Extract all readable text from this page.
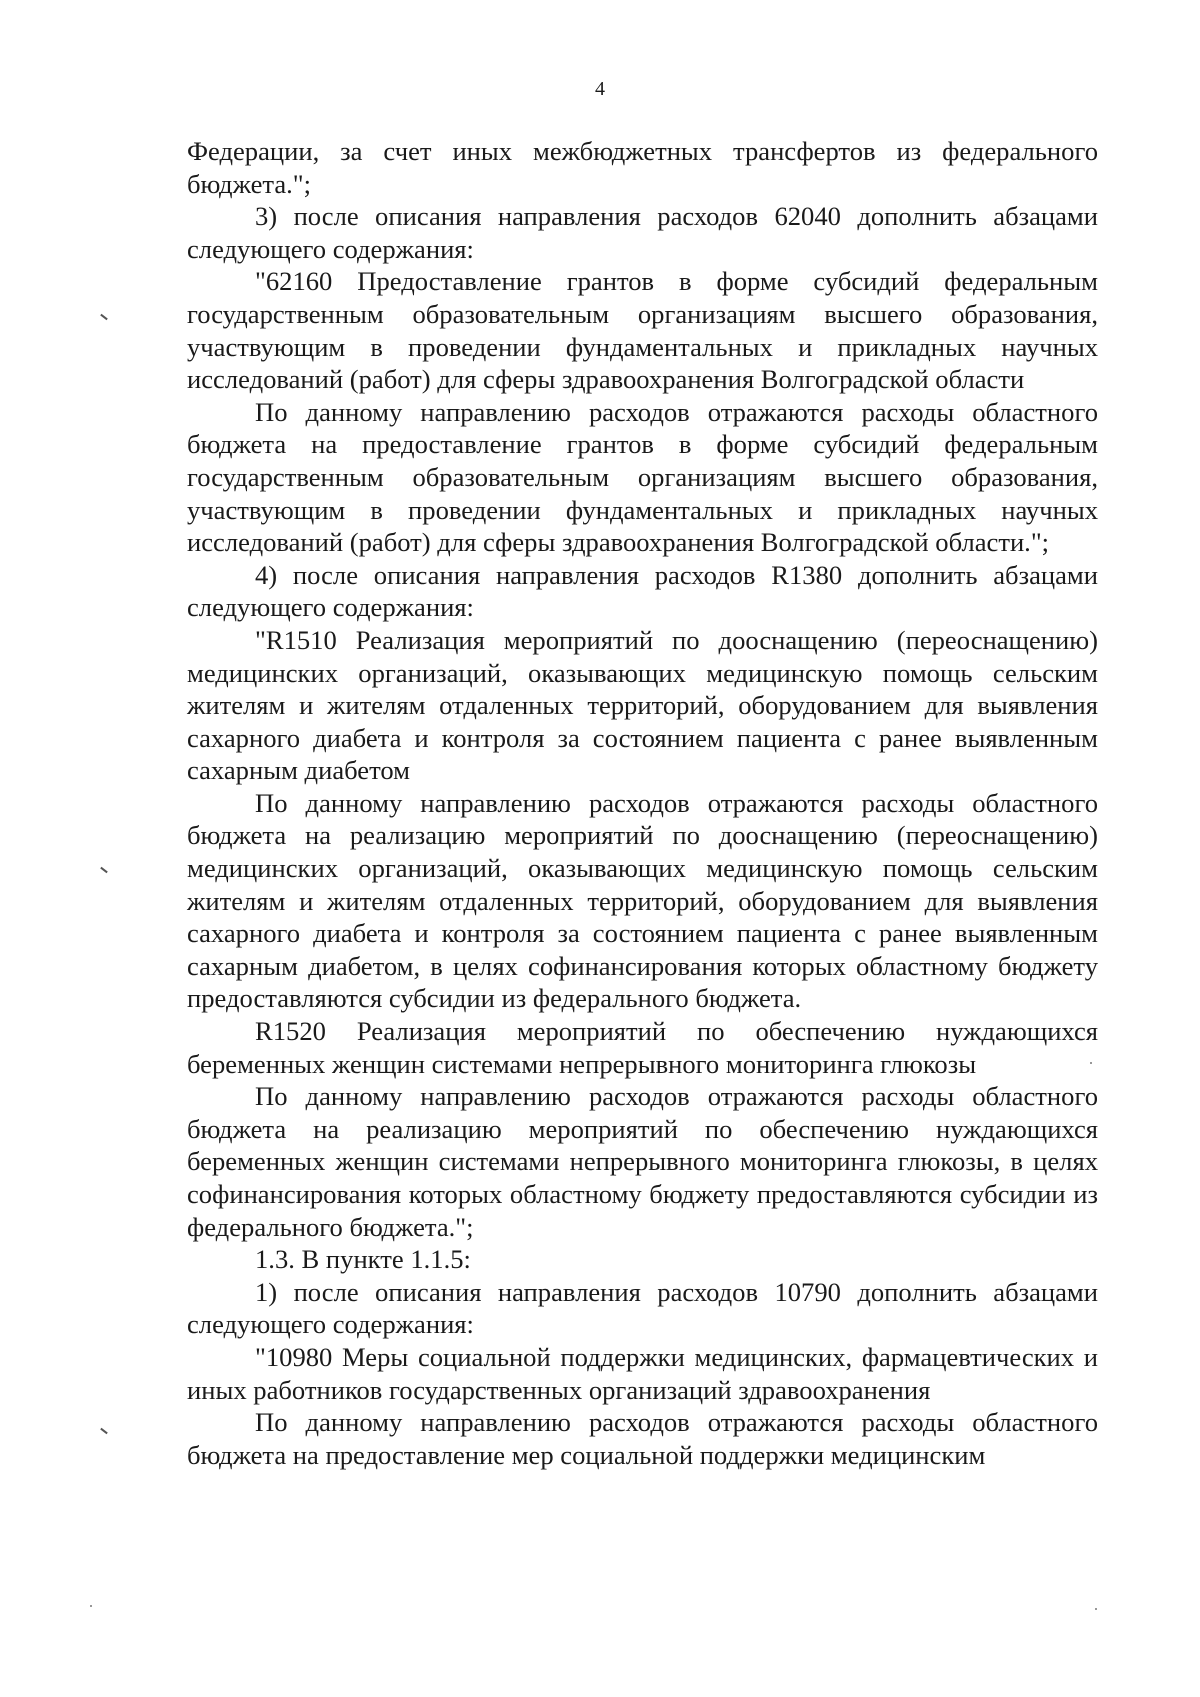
4

Федерации, за счет иных межбюджетных трансфертов из федерального бюджета.";

3) после описания направления расходов 62040 дополнить абзацами следующего содержания:

"62160 Предоставление грантов в форме субсидий федеральным государственным образовательным организациям высшего образования, участвующим в проведении фундаментальных и прикладных научных исследований (работ) для сферы здравоохранения Волгоградской области

По данному направлению расходов отражаются расходы областного бюджета на предоставление грантов в форме субсидий федеральным государственным образовательным организациям высшего образования, участвующим в проведении фундаментальных и прикладных научных исследований (работ) для сферы здравоохранения Волгоградской области.";

4) после описания направления расходов R1380 дополнить абзацами следующего содержания:

"R1510 Реализация мероприятий по дооснащению (переоснащению) медицинских организаций, оказывающих медицинскую помощь сельским жителям и жителям отдаленных территорий, оборудованием для выявления сахарного диабета и контроля за состоянием пациента с ранее выявленным сахарным диабетом

По данному направлению расходов отражаются расходы областного бюджета на реализацию мероприятий по дооснащению (переоснащению) медицинских организаций, оказывающих медицинскую помощь сельским жителям и жителям отдаленных территорий, оборудованием для выявления сахарного диабета и контроля за состоянием пациента с ранее выявленным сахарным диабетом, в целях софинансирования которых областному бюджету предоставляются субсидии из федерального бюджета.

R1520 Реализация мероприятий по обеспечению нуждающихся беременных женщин системами непрерывного мониторинга глюкозы

По данному направлению расходов отражаются расходы областного бюджета на реализацию мероприятий по обеспечению нуждающихся беременных женщин системами непрерывного мониторинга глюкозы, в целях софинансирования которых областному бюджету предоставляются субсидии из федерального бюджета.";

1.3. В пункте 1.1.5:

1) после описания направления расходов 10790 дополнить абзацами следующего содержания:

"10980 Меры социальной поддержки медицинских, фармацевтических и иных работников государственных организаций здравоохранения

По данному направлению расходов отражаются расходы областного бюджета на предоставление мер социальной поддержки медицинским
